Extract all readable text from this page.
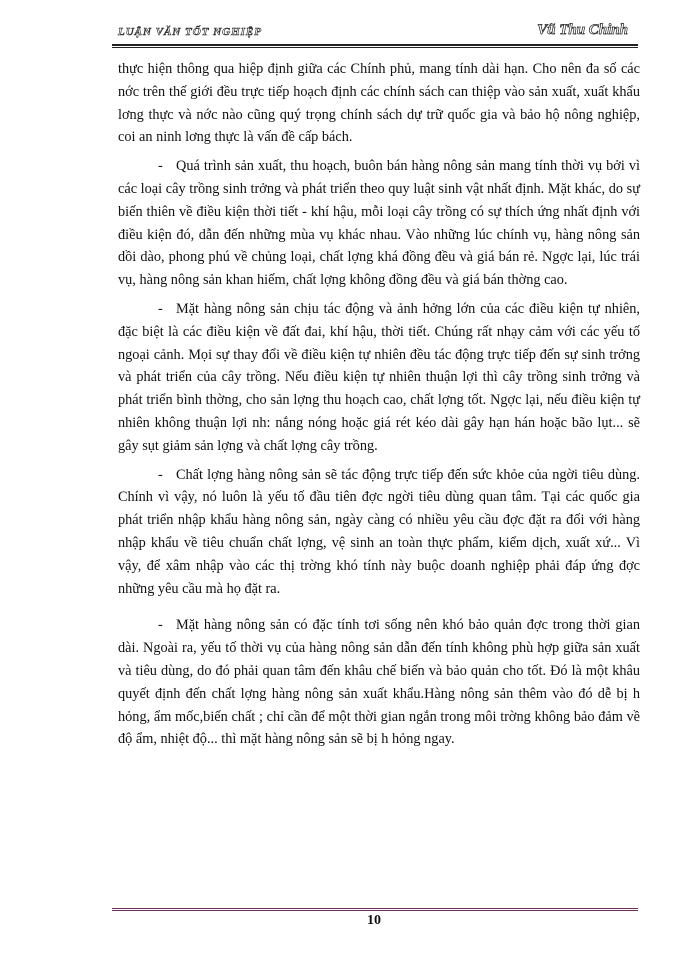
LUẬN VĂN TỐT NGHIỆP	Vũ Thu Chinh

thực hiện thông qua hiệp định giữa các Chính phủ, mang tính dài hạn. Cho nên đa số các nớc trên thế giới đều trực tiếp hoạch định các chính sách can thiệp vào sản xuất, xuất khẩu lơng thực và nớc nào cũng quý trọng chính sách dự trữ quốc gia và bảo hộ nông nghiệp, coi an ninh lơng thực là vấn đề cấp bách.

- Quá trình sản xuất, thu hoạch, buôn bán hàng nông sản mang tính thời vụ bởi vì các loại cây trồng sinh trởng và phát triển theo quy luật sinh vật nhất định. Mặt khác, do sự biến thiên về điều kiện thời tiết - khí hậu, mỗi loại cây trồng có sự thích ứng nhất định với điều kiện đó, dẫn đến những mùa vụ khác nhau. Vào những lúc chính vụ, hàng nông sản dồi dào, phong phú về chủng loại, chất lợng khá đồng đều và giá bán rẻ. Ngợc lại, lúc trái vụ, hàng nông sản khan hiếm, chất lợng không đồng đều và giá bán thờng cao.

- Mặt hàng nông sản chịu tác động và ảnh hởng lớn của các điều kiện tự nhiên, đặc biệt là các điều kiện về đất đai, khí hậu, thời tiết. Chúng rất nhạy cảm với các yếu tố ngoại cảnh. Mọi sự thay đổi về điều kiện tự nhiên đều tác động trực tiếp đến sự sinh trởng và phát triển của cây trồng. Nếu điều kiện tự nhiên thuận lợi thì cây trồng sinh trởng và phát triển bình thờng, cho sản lợng thu hoạch cao, chất lợng tốt. Ngợc lại, nếu điều kiện tự nhiên không thuận lợi nh: nắng nóng hoặc giá rét kéo dài gây hạn hán hoặc bão lụt... sẽ gây sụt giảm sản lợng và chất lợng cây trồng.

- Chất lợng hàng nông sản sẽ tác động trực tiếp đến sức khỏe của ngời tiêu dùng. Chính vì vậy, nó luôn là yếu tố đầu tiên đợc ngời tiêu dùng quan tâm. Tại các quốc gia phát triển nhập khẩu hàng nông sản, ngày càng có nhiều yêu cầu đợc đặt ra đối với hàng nhập khẩu về tiêu chuẩn chất lợng, vệ sinh an toàn thực phẩm, kiểm dịch, xuất xứ... Vì vậy, để xâm nhập vào các thị trờng khó tính này buộc doanh nghiệp phải đáp ứng đợc những yêu cầu mà họ đặt ra.

- Mặt hàng nông sản có đặc tính tơi sống nên khó bảo quản đợc trong thời gian dài. Ngoài ra, yếu tố thời vụ của hàng nông sản dẫn đến tính không phù hợp giữa sản xuất và tiêu dùng, do đó phải quan tâm đến khâu chế biến và bảo quản cho tốt. Đó là một khâu quyết định đến chất lợng hàng nông sản xuất khẩu.Hàng nông sản thêm vào đó dễ bị h hỏng, ẩm mốc,biến chất ; chỉ cần để một thời gian ngắn trong môi trờng không bảo đảm về độ ẩm, nhiệt độ... thì mặt hàng nông sản sẽ bị h hỏng ngay.

10
